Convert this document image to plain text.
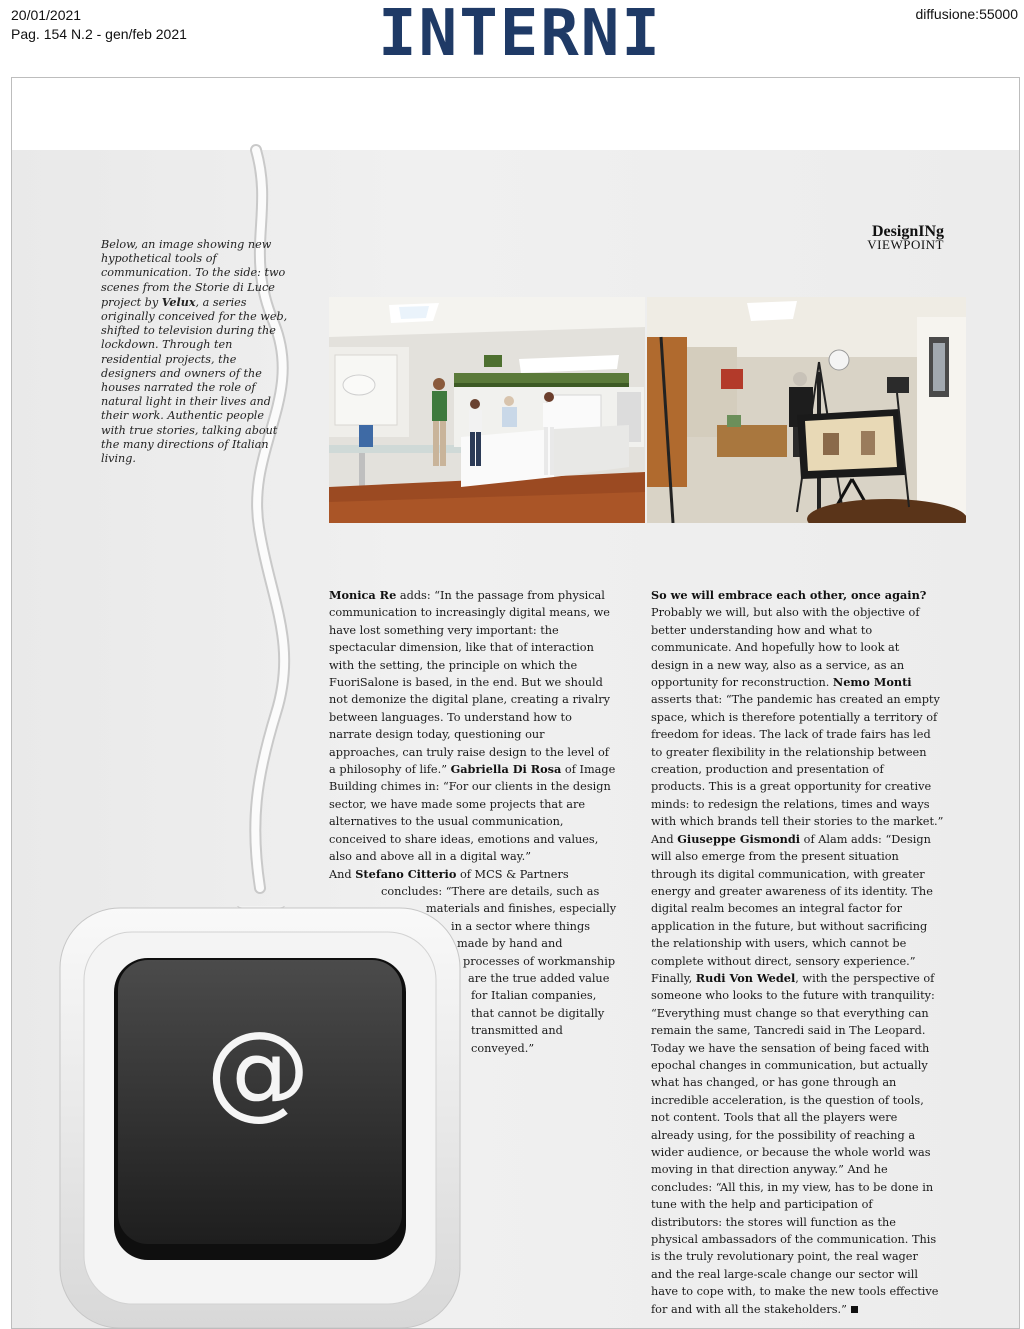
20/01/2021
Pag. 154 N.2 - gen/feb 2021	INTERNI	diffusione:55000

Below, an image showing new hypothetical tools of communication. To the side: two scenes from the Storie di Luce project by Velux, a series originally conceived for the web, shifted to television during the lockdown. Through ten residential projects, the designers and owners of the houses narrated the role of natural light in their lives and their work. Authentic people with true stories, talking about the many directions of Italian living.

DesignINg
VIEWPOINT
Monica Re adds: “In the passage from physical
communication to increasingly digital means, we
have lost something very important: the
spectacular dimension, like that of interaction
with the setting, the principle on which the
FuoriSalone is based, in the end. But we should
not demonize the digital plane, creating a rivalry
between languages. To understand how to
narrate design today, questioning our
approaches, can truly raise design to the level of
a philosophy of life.” Gabriella Di Rosa of Image
Building chimes in: “For our clients in the design
sector, we have made some projects that are
alternatives to the usual communication,
conceived to share ideas, emotions and values,
also and above all in a digital way.”
And Stefano Citterio of MCS & Partners
concludes: “There are details, such as
materials and finishes, especially
in a sector where things
made by hand and
processes of workmanship
are the true added value
for Italian companies,
that cannot be digitally
transmitted and
conveyed.”
So we will embrace each other, once again?
Probably we will, but also with the objective of
better understanding how and what to
communicate. And hopefully how to look at
design in a new way, also as a service, as an
opportunity for reconstruction. Nemo Monti
asserts that: “The pandemic has created an empty
space, which is therefore potentially a territory of
freedom for ideas. The lack of trade fairs has led
to greater flexibility in the relationship between
creation, production and presentation of
products. This is a great opportunity for creative
minds: to redesign the relations, times and ways
with which brands tell their stories to the market.”
And Giuseppe Gismondi of Alam adds: “Design
will also emerge from the present situation
through its digital communication, with greater
energy and greater awareness of its identity. The
digital realm becomes an integral factor for
application in the future, but without sacrificing
the relationship with users, which cannot be
complete without direct, sensory experience.”
Finally, Rudi Von Wedel, with the perspective of
someone who looks to the future with tranquility:
“Everything must change so that everything can
remain the same, Tancredi said in The Leopard.
Today we have the sensation of being faced with
epochal changes in communication, but actually
what has changed, or has gone through an
incredible acceleration, is the question of tools,
not content. Tools that all the players were
already using, for the possibility of reaching a
wider audience, or because the whole world was
moving in that direction anyway.” And he
concludes: “All this, in my view, has to be done in
tune with the help and participation of
distributors: the stores will function as the
physical ambassadors of the communication. This
is the truly revolutionary point, the real wager
and the real large-scale change our sector will
have to cope with, to make the new tools effective
for and with all the stakeholders.”
@
